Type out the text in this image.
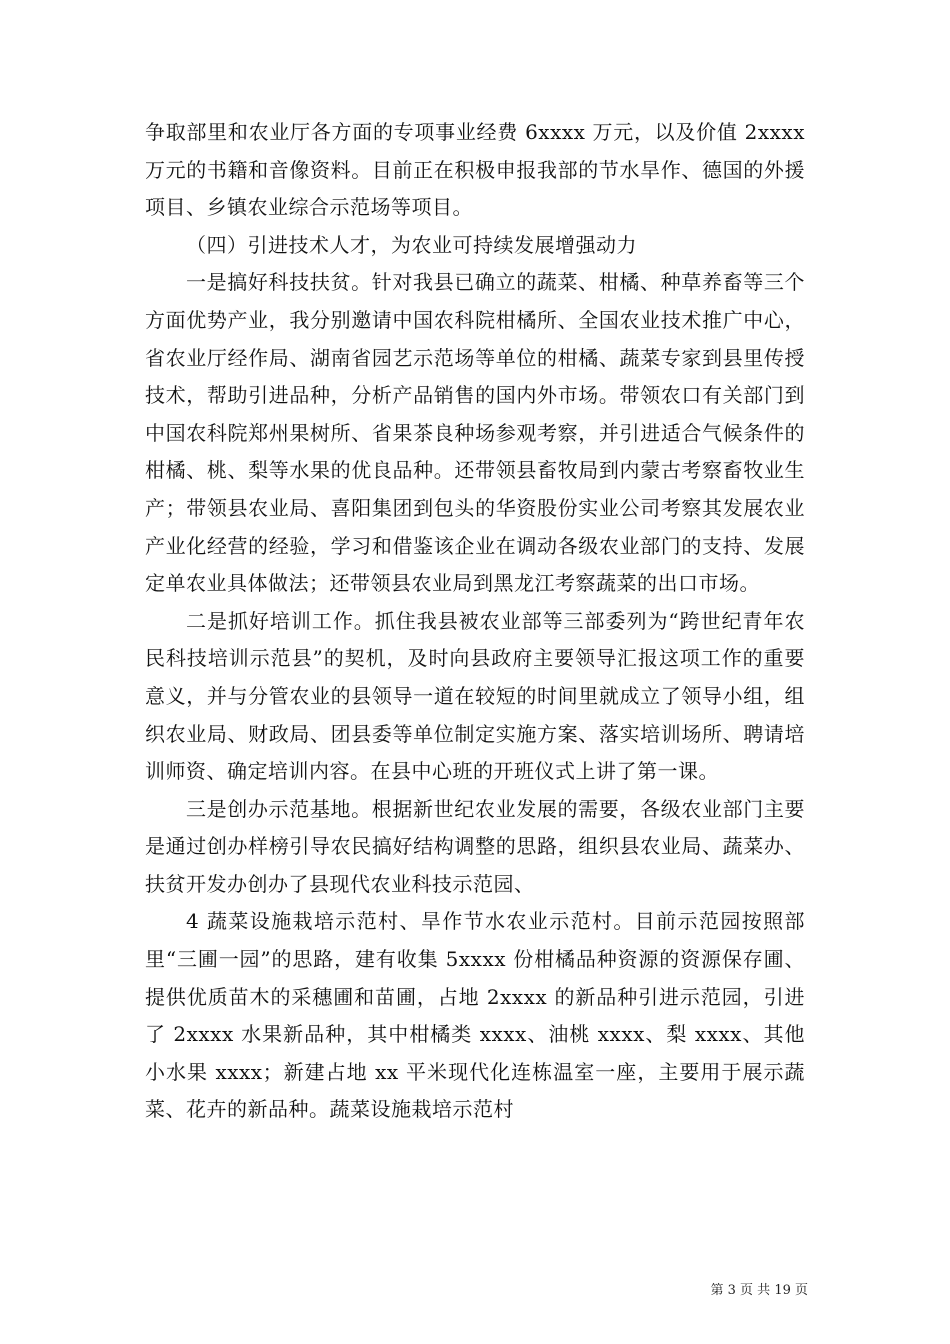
争取部里和农业厅各方面的专项事业经费 6xxxx 万元，以及价值 2xxxx 万元的书籍和音像资料。目前正在积极申报我部的节水旱作、德国的外援项目、乡镇农业综合示范场等项目。

（四）引进技术人才，为农业可持续发展增强动力

一是搞好科技扶贫。针对我县已确立的蔬菜、柑橘、种草养畜等三个方面优势产业，我分别邀请中国农科院柑橘所、全国农业技术推广中心，省农业厅经作局、湖南省园艺示范场等单位的柑橘、蔬菜专家到县里传授技术，帮助引进品种，分析产品销售的国内外市场。带领农口有关部门到中国农科院郑州果树所、省果茶良种场参观考察，并引进适合气候条件的柑橘、桃、梨等水果的优良品种。还带领县畜牧局到内蒙古考察畜牧业生产；带领县农业局、喜阳集团到包头的华资股份实业公司考察其发展农业产业化经营的经验，学习和借鉴该企业在调动各级农业部门的支持、发展定单农业具体做法；还带领县农业局到黑龙江考察蔬菜的出口市场。

二是抓好培训工作。抓住我县被农业部等三部委列为“跨世纪青年农民科技培训示范县”的契机，及时向县政府主要领导汇报这项工作的重要意义，并与分管农业的县领导一道在较短的时间里就成立了领导小组，组织农业局、财政局、团县委等单位制定实施方案、落实培训场所、聘请培训师资、确定培训内容。在县中心班的开班仪式上讲了第一课。

三是创办示范基地。根据新世纪农业发展的需要，各级农业部门主要是通过创办样榜引导农民搞好结构调整的思路，组织县农业局、蔬菜办、扶贫开发办创办了县现代农业科技示范园、

4 蔬菜设施栽培示范村、旱作节水农业示范村。目前示范园按照部里“三圃一园”的思路，建有收集 5xxxx 份柑橘品种资源的资源保存圃、提供优质苗木的采穗圃和苗圃，占地 2xxxx 的新品种引进示范园，引进了 2xxxx 水果新品种，其中柑橘类 xxxx、油桃 xxxx、梨 xxxx、其他小水果 xxxx；新建占地 xx 平米现代化连栋温室一座，主要用于展示蔬菜、花卉的新品种。蔬菜设施栽培示范村

第 3 页 共 19 页
